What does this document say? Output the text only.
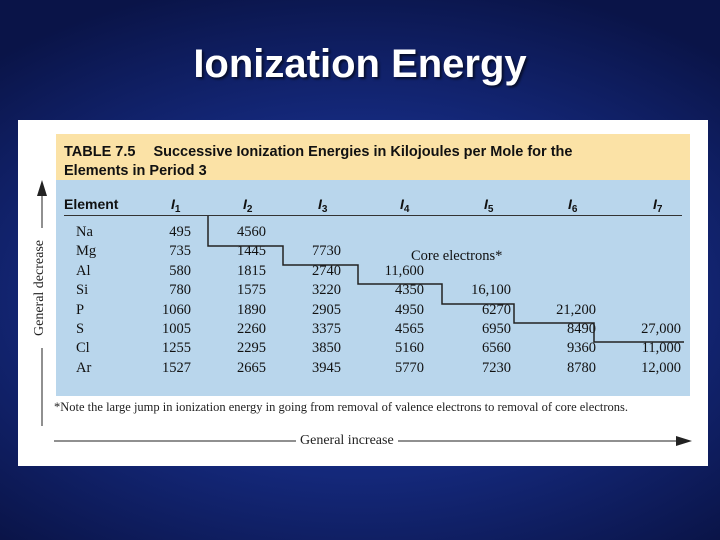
Ionization Energy
TABLE 7.5 Successive Ionization Energies in Kilojoules per Mole for the
Elements in Period 3
Element	$I_1$	$I_2$	$I_3$	$I_4$	$I_5$	$I_6$	$I_7$
Na	495	4560
Mg	735	1445	7730
Al	580	1815	2740	11,600
Si	780	1575	3220	4350	16,100
P	1060	1890	2905	4950	6270	21,200
S	1005	2260	3375	4565	6950	8490	27,000
Cl	1255	2295	3850	5160	6560	9360	11,000
Ar	1527	2665	3945	5770	7230	8780	12,000
Core electrons*
*Note the large jump in ionization energy in going from removal of valence electrons to removal of core electrons.
General increase
General decrease
